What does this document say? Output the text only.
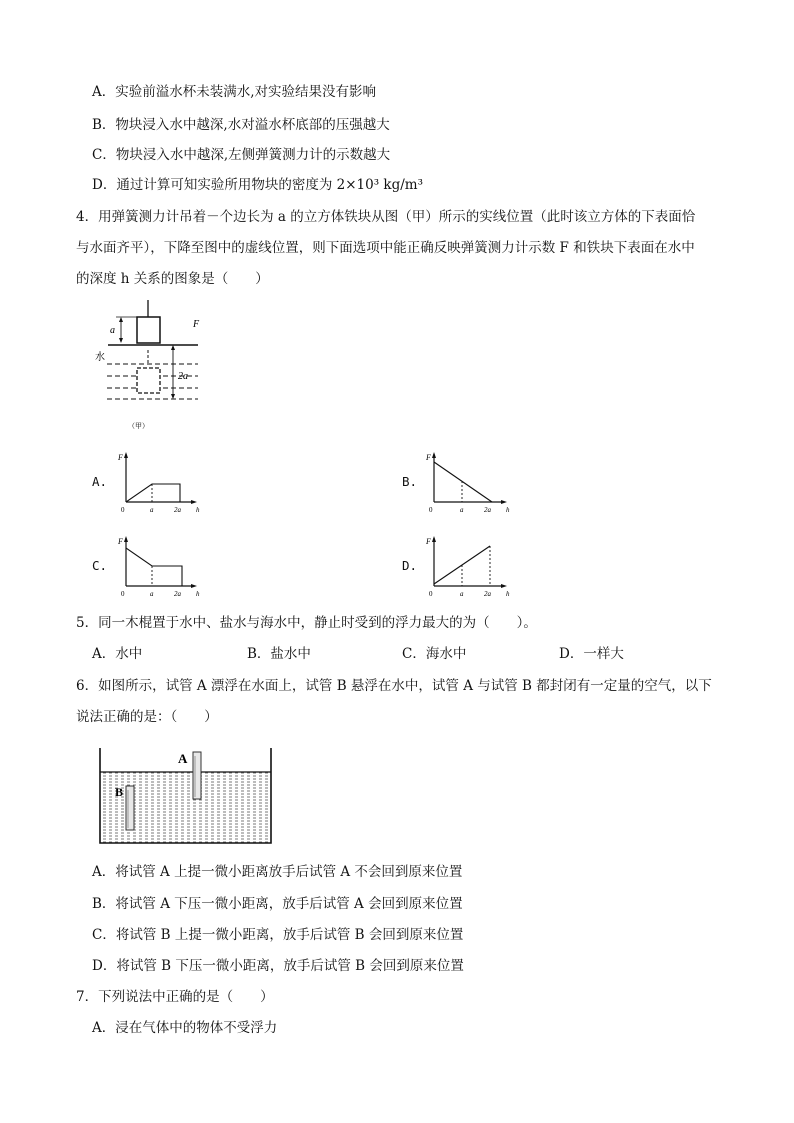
A．实验前溢水杯未装满水,对实验结果没有影响
B．物块浸入水中越深,水对溢水杯底部的压强越大
C．物块浸入水中越深,左侧弹簧测力计的示数越大
D．通过计算可知实验所用物块的密度为 2×10³ kg/m³
4．用弹簧测力计吊着－个边长为 a 的立方体铁块从图（甲）所示的实线位置（此时该立方体的下表面恰
与水面齐平），下降至图中的虚线位置，则下面选项中能正确反映弹簧测力计示数 F 和铁块下表面在水中
的深度 h 关系的图象是（　　）
a
F
水
2a
（甲）
A.	B.
C.	D.
F
h
0	a	2a
F
h
0	a	2a
F
h
0	a	2a
F
h
0	a	2a
5．同一木棍置于水中、盐水与海水中，静止时受到的浮力最大的为（　　）。
A．水中	B．盐水中	C．海水中	D．一样大
6．如图所示，试管 A 漂浮在水面上，试管 B 悬浮在水中，试管 A 与试管 B 都封闭有一定量的空气，以下
说法正确的是：（　　）
A
B
A．将试管 A 上提一微小距离放手后试管 A 不会回到原来位置
B．将试管 A 下压一微小距离，放手后试管 A 会回到原来位置
C．将试管 B 上提一微小距离，放手后试管 B 会回到原来位置
D．将试管 B 下压一微小距离，放手后试管 B 会回到原来位置
7．下列说法中正确的是（　　）
A．浸在气体中的物体不受浮力
